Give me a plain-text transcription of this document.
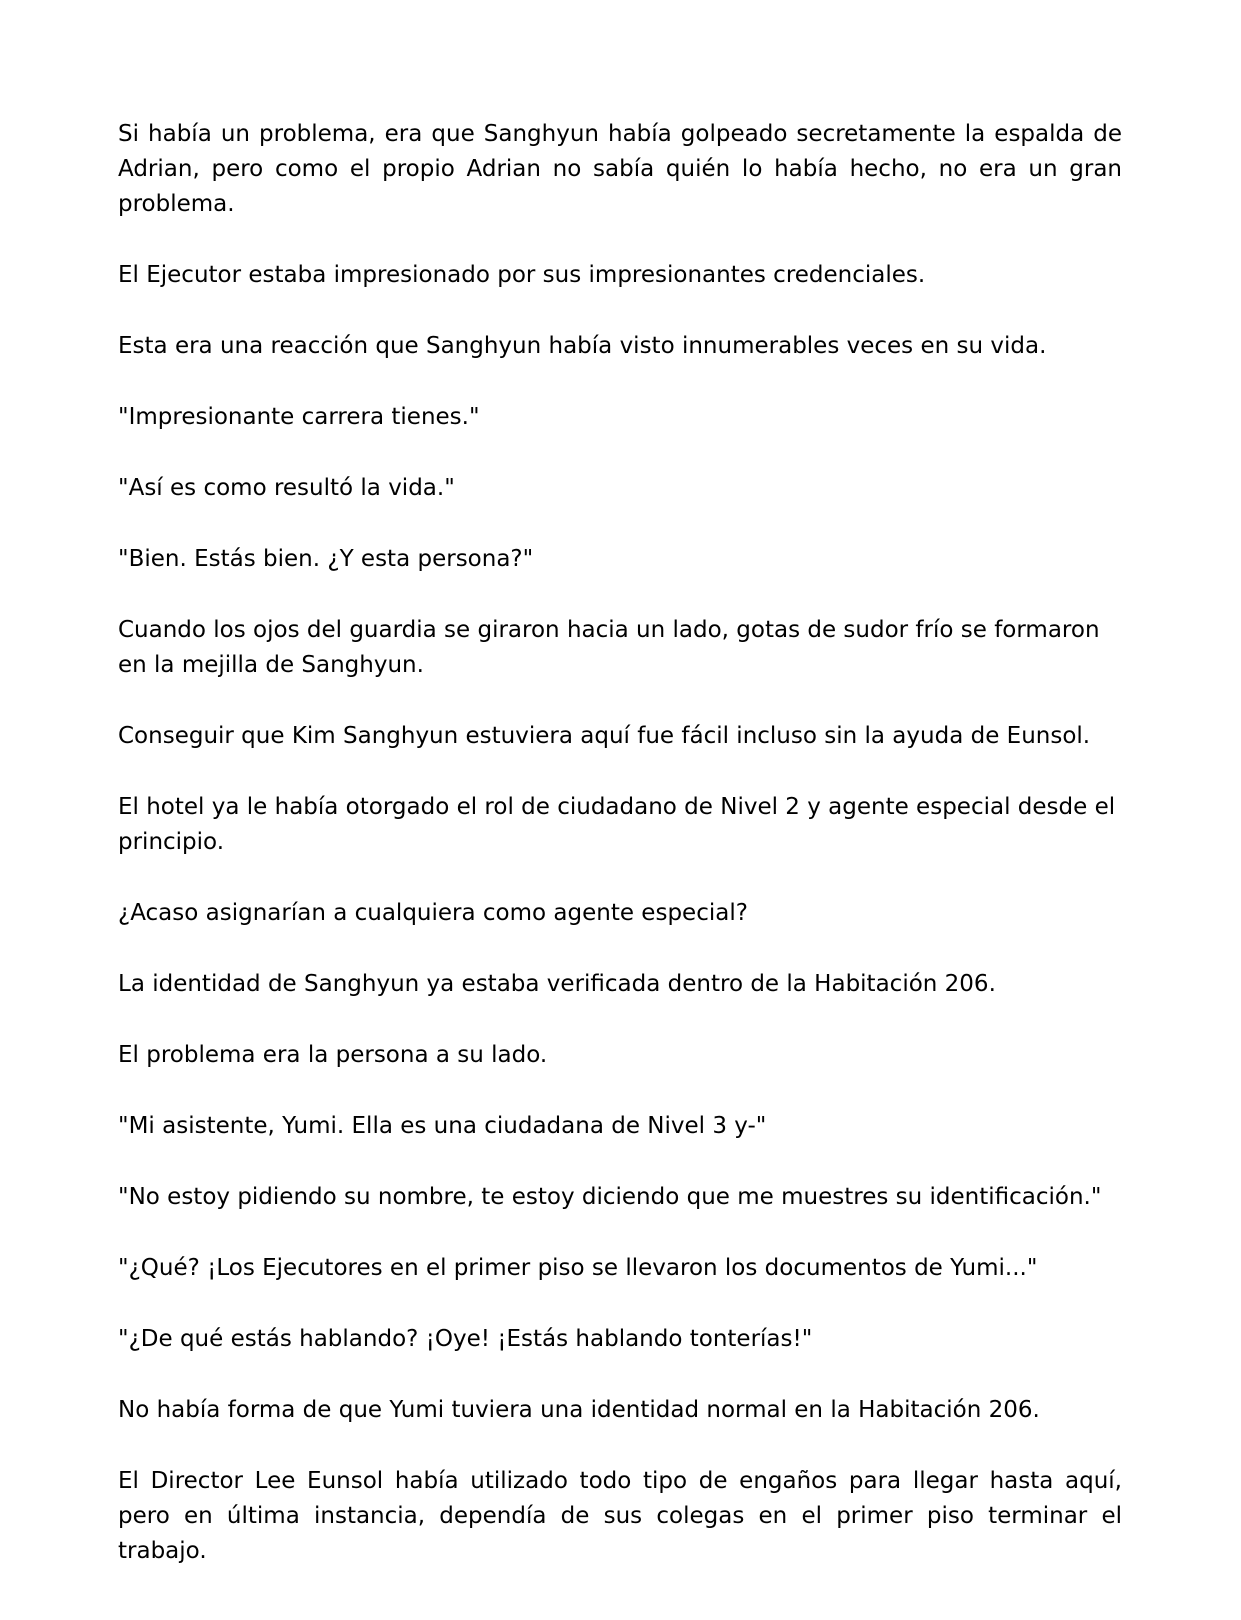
Si había un problema, era que Sanghyun había golpeado secretamente la espalda de Adrian, pero como el propio Adrian no sabía quién lo había hecho, no era un gran problema.

El Ejecutor estaba impresionado por sus impresionantes credenciales.

Esta era una reacción que Sanghyun había visto innumerables veces en su vida.

"Impresionante carrera tienes."

"Así es como resultó la vida."

"Bien. Estás bien. ¿Y esta persona?"

Cuando los ojos del guardia se giraron hacia un lado, gotas de sudor frío se formaron en la mejilla de Sanghyun.

Conseguir que Kim Sanghyun estuviera aquí fue fácil incluso sin la ayuda de Eunsol.

El hotel ya le había otorgado el rol de ciudadano de Nivel 2 y agente especial desde el principio.

¿Acaso asignarían a cualquiera como agente especial?

La identidad de Sanghyun ya estaba verificada dentro de la Habitación 206.

El problema era la persona a su lado.

"Mi asistente, Yumi. Ella es una ciudadana de Nivel 3 y-"

"No estoy pidiendo su nombre, te estoy diciendo que me muestres su identificación."

"¿Qué? ¡Los Ejecutores en el primer piso se llevaron los documentos de Yumi..."

"¿De qué estás hablando? ¡Oye! ¡Estás hablando tonterías!"

No había forma de que Yumi tuviera una identidad normal en la Habitación 206.

El Director Lee Eunsol había utilizado todo tipo de engaños para llegar hasta aquí, pero en última instancia, dependía de sus colegas en el primer piso terminar el trabajo.
